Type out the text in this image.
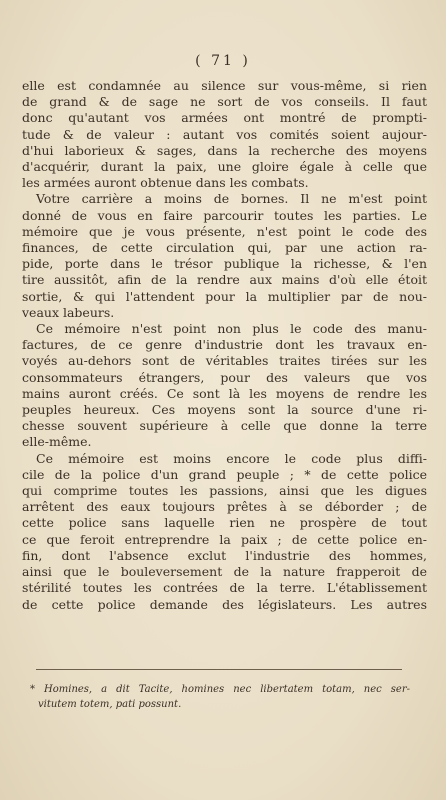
( 71 )
elle est condamnée au silence sur vous-même, si rien
de grand & de sage ne sort de vos conseils. Il faut
donc qu'autant vos armées ont montré de prompti-
tude & de valeur : autant vos comités soient aujour-
d'hui laborieux & sages, dans la recherche des moyens
d'acquérir, durant la paix, une gloire égale à celle que
les armées auront obtenue dans les combats.
Votre carrière a moins de bornes. Il ne m'est point
donné de vous en faire parcourir toutes les parties. Le
mémoire que je vous présente, n'est point le code des
finances, de cette circulation qui, par une action ra-
pide, porte dans le trésor publique la richesse, & l'en
tire aussitôt, afin de la rendre aux mains d'où elle étoit
sortie, & qui l'attendent pour la multiplier par de nou-
veaux labeurs.
Ce mémoire n'est point non plus le code des manu-
factures, de ce genre d'industrie dont les travaux en-
voyés au-dehors sont de véritables traites tirées sur les
consommateurs étrangers, pour des valeurs que vos
mains auront créés. Ce sont là les moyens de rendre les
peuples heureux. Ces moyens sont la source d'une ri-
chesse souvent supérieure à celle que donne la terre
elle-même.
Ce mémoire est moins encore le code plus diffi-
cile de la police d'un grand peuple ; * de cette police
qui comprime toutes les passions, ainsi que les digues
arrêtent des eaux toujours prêtes à se déborder ; de
cette police sans laquelle rien ne prospère de tout
ce que feroit entreprendre la paix ; de cette police en-
fin, dont l'absence exclut l'industrie des hommes,
ainsi que le bouleversement de la nature frapperoit de
stérilité toutes les contrées de la terre. L'établissement
de cette police demande des législateurs. Les autres
* Homines, a dit Tacite, homines nec libertatem totam, nec ser-
vitutem totem, pati possunt.
